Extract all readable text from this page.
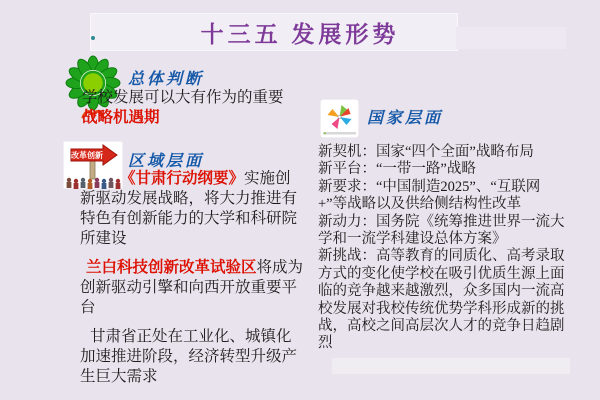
十三五 发展形势
总体判断

学校发展可以大有作为的重要
战略机遇期

改革创新 区域层面

《甘肃行动纲要》实施创新驱动发展战略，将大力推进有特色有创新能力的大学和科研院所建设

兰白科技创新改革试验区将成为创新驱动引擎和向西开放重要平台

甘肃省正处在工业化、城镇化加速推进阶段，经济转型升级产生巨大需求

国家层面

新契机：国家“四个全面”战略布局

新平台：“一带一路”战略

新要求：“中国制造2025”、“互联网+”等战略以及供给侧结构性改革

新动力：国务院《统筹推进世界一流大学和一流学科建设总体方案》

新挑战：高等教育的同质化、高考录取方式的变化使学校在吸引优质生源上面临的竞争越来越激烈，众多国内一流高校发展对我校传统优势学科形成新的挑战，高校之间高层次人才的竞争日趋剧烈
